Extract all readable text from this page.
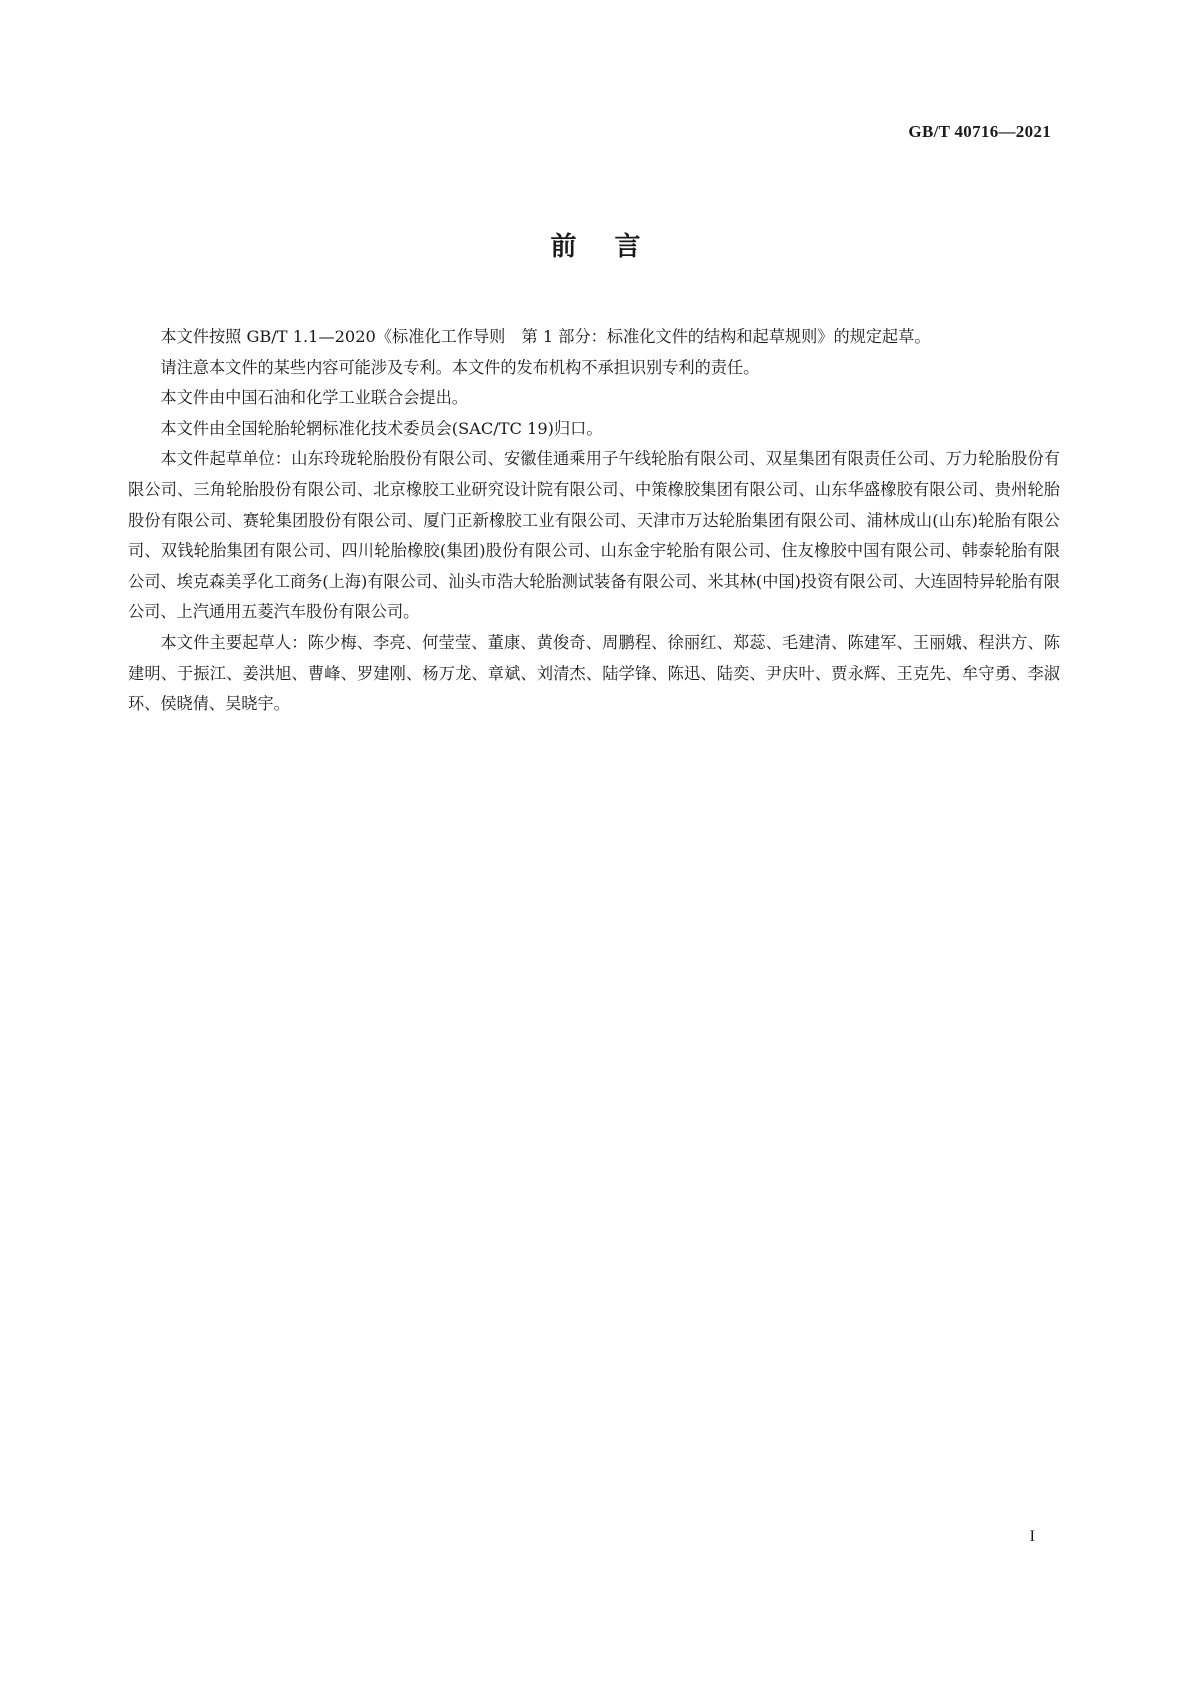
GB/T 40716—2021
前言

本文件按照 GB/T 1.1—2020《标准化工作导则　第 1 部分：标准化文件的结构和起草规则》的规定起草。

请注意本文件的某些内容可能涉及专利。本文件的发布机构不承担识别专利的责任。

本文件由中国石油和化学工业联合会提出。

本文件由全国轮胎轮辋标准化技术委员会(SAC/TC 19)归口。

本文件起草单位：山东玲珑轮胎股份有限公司、安徽佳通乘用子午线轮胎有限公司、双星集团有限责任公司、万力轮胎股份有限公司、三角轮胎股份有限公司、北京橡胶工业研究设计院有限公司、中策橡胶集团有限公司、山东华盛橡胶有限公司、贵州轮胎股份有限公司、赛轮集团股份有限公司、厦门正新橡胶工业有限公司、天津市万达轮胎集团有限公司、浦林成山(山东)轮胎有限公司、双钱轮胎集团有限公司、四川轮胎橡胶(集团)股份有限公司、山东金宇轮胎有限公司、住友橡胶中国有限公司、韩泰轮胎有限公司、埃克森美孚化工商务(上海)有限公司、汕头市浩大轮胎测试装备有限公司、米其林(中国)投资有限公司、大连固特异轮胎有限公司、上汽通用五菱汽车股份有限公司。

本文件主要起草人：陈少梅、李亮、何莹莹、董康、黄俊奇、周鹏程、徐丽红、郑蕊、毛建清、陈建军、王丽娥、程洪方、陈建明、于振江、姜洪旭、曹峰、罗建刚、杨万龙、章斌、刘清杰、陆学锋、陈迅、陆奕、尹庆叶、贾永辉、王克先、牟守勇、李淑环、侯晓倩、吴晓宇。

I
